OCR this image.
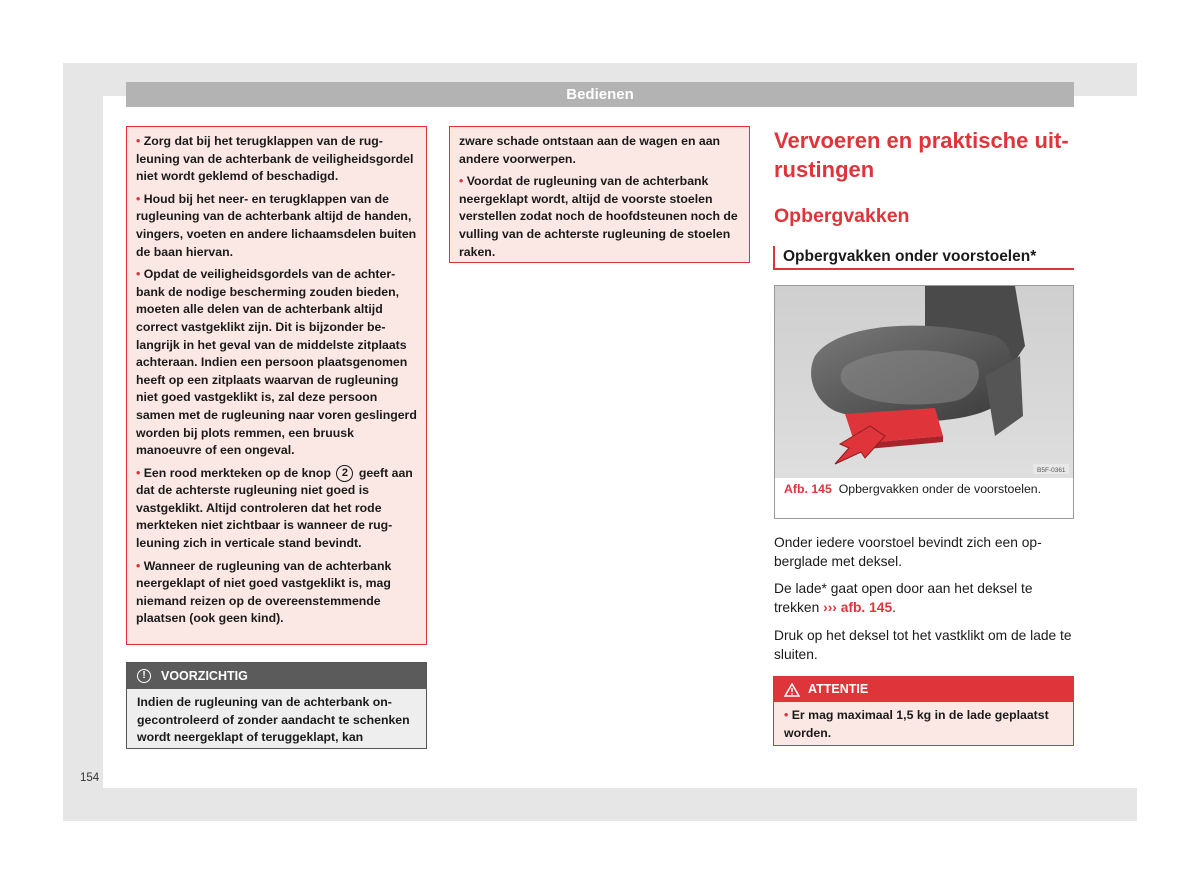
Bedienen

• Zorg dat bij het terugklappen van de rugleuning van de achterbank de veiligheidsgordel niet wordt geklemd of beschadigd.

• Houd bij het neer- en terugklappen van de rugleuning van de achterbank altijd de handen, vingers, voeten en andere lichaamsdelen buiten de baan hiervan.

• Opdat de veiligheidsgordels van de achterbank de nodige bescherming zouden bieden, moeten alle delen van de achterbank altijd correct vastgeklikt zijn. Dit is bijzonder belangrijk in het geval van de middelste zitplaats achteraan. Indien een persoon plaatsgenomen heeft op een zitplaats waarvan de rugleuning niet goed vastgeklikt is, zal deze persoon samen met de rugleuning naar voren geslingerd worden bij plots remmen, een bruusk manoeuvre of een ongeval.

• Een rood merkteken op de knop 2 geeft aan dat de achterste rugleuning niet goed is vastgeklikt. Altijd controleren dat het rode merkteken niet zichtbaar is wanneer de rugleuning zich in verticale stand bevindt.

• Wanneer de rugleuning van de achterbank neergeklapt of niet goed vastgeklikt is, mag niemand reizen op de overeenstemmende plaatsen (ook geen kind).

!	VOORZICHTIG
Indien de rugleuning van de achterbank ongecontroleerd of zonder aandacht te schenken wordt neergeklapt of teruggeklapt, kan

zware schade ontstaan aan de wagen en aan andere voorwerpen.

• Voordat de rugleuning van de achterbank neergeklapt wordt, altijd de voorste stoelen verstellen zodat noch de hoofdsteunen noch de vulling van de achterste rugleuning de stoelen raken.

Vervoeren en praktische uitrustingen
Opbergvakken
Opbergvakken onder voorstoelen*
B5F-0361
Afb. 145 Opbergvakken onder de voorstoelen.
Onder iedere voorstoel bevindt zich een opberglade met deksel.
De lade* gaat open door aan het deksel te trekken ››› afb. 145.
Druk op het deksel tot het vastklikt om de lade te sluiten.
ATTENTIE
• Er mag maximaal 1,5 kg in de lade geplaatst worden.
154
